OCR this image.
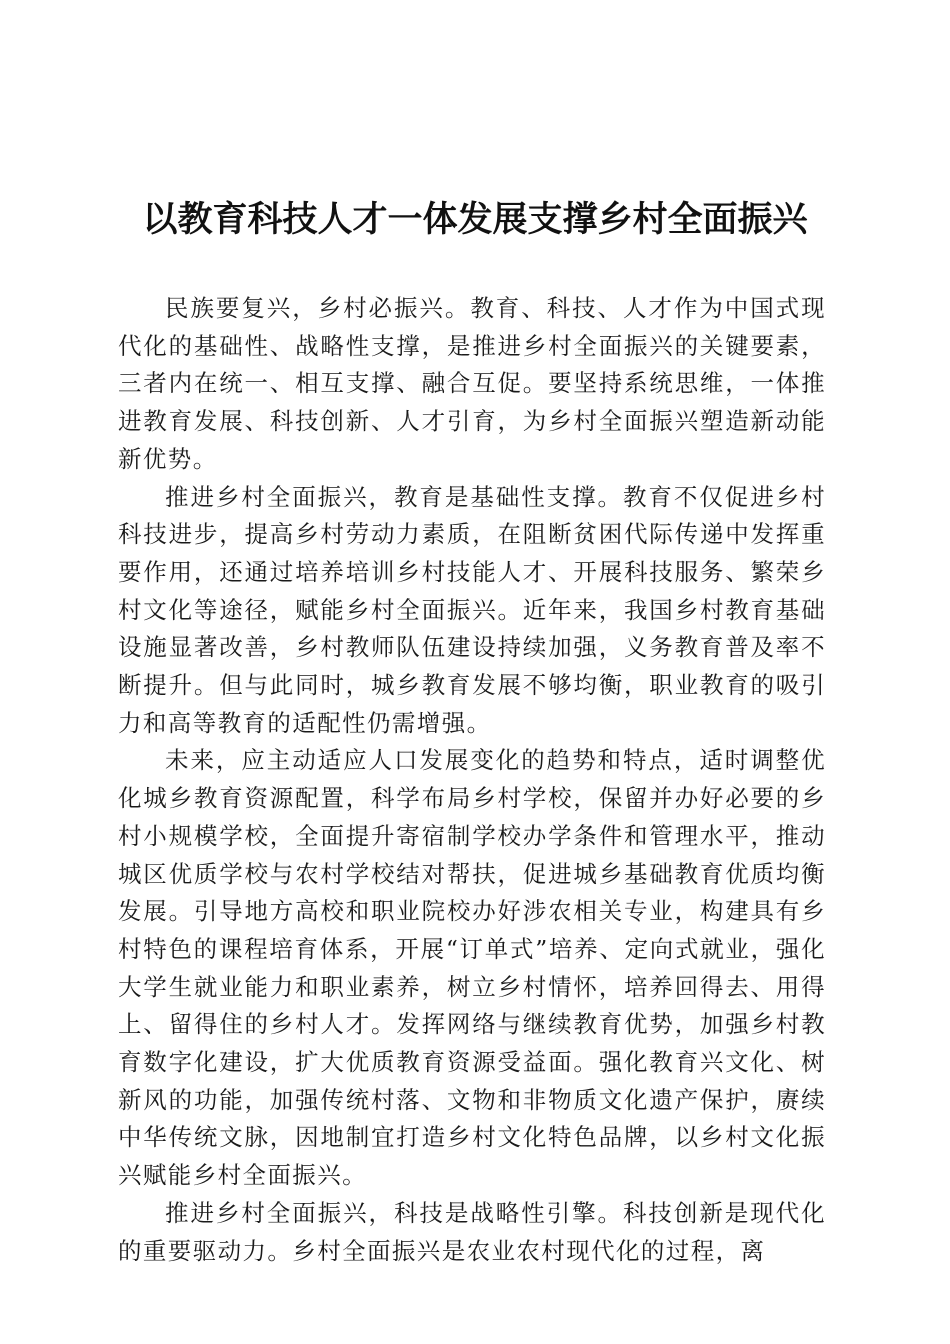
以教育科技人才一体发展支撑乡村全面振兴

民族要复兴，乡村必振兴。教育、科技、人才作为中国式现代化的基础性、战略性支撑，是推进乡村全面振兴的关键要素，三者内在统一、相互支撑、融合互促。要坚持系统思维，一体推进教育发展、科技创新、人才引育，为乡村全面振兴塑造新动能新优势。

推进乡村全面振兴，教育是基础性支撑。教育不仅促进乡村科技进步，提高乡村劳动力素质，在阻断贫困代际传递中发挥重要作用，还通过培养培训乡村技能人才、开展科技服务、繁荣乡村文化等途径，赋能乡村全面振兴。近年来，我国乡村教育基础设施显著改善，乡村教师队伍建设持续加强，义务教育普及率不断提升。但与此同时，城乡教育发展不够均衡，职业教育的吸引力和高等教育的适配性仍需增强。

未来，应主动适应人口发展变化的趋势和特点，适时调整优化城乡教育资源配置，科学布局乡村学校，保留并办好必要的乡村小规模学校，全面提升寄宿制学校办学条件和管理水平，推动城区优质学校与农村学校结对帮扶，促进城乡基础教育优质均衡发展。引导地方高校和职业院校办好涉农相关专业，构建具有乡村特色的课程培育体系，开展“订单式”培养、定向式就业，强化大学生就业能力和职业素养，树立乡村情怀，培养回得去、用得上、留得住的乡村人才。发挥网络与继续教育优势，加强乡村教育数字化建设，扩大优质教育资源受益面。强化教育兴文化、树新风的功能，加强传统村落、文物和非物质文化遗产保护，赓续中华传统文脉，因地制宜打造乡村文化特色品牌，以乡村文化振兴赋能乡村全面振兴。

推进乡村全面振兴，科技是战略性引擎。科技创新是现代化的重要驱动力。乡村全面振兴是农业农村现代化的过程，离
